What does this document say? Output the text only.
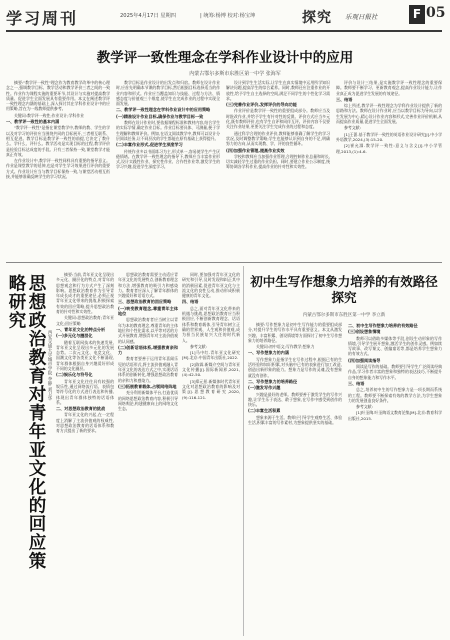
学习周刊	2025年4月17日 星期四	| 统筹:杨博 校对:杨宝坤	探究 乐观日报社	F 05
教学评一致性理念在学科作业设计中的应用
内蒙古鄂尔多斯市东胜区第一中学 张海军

摘要:"教学评一致性"理念作为教育教学改革中的核心理念之一,强调教学目标、教学活动和教学评价三者之间的一致性。作业作为课程实施的重要环节,其设计与实施对提高教学质量、促进学生全面发展具有重要作用。本文在阐述教学评一致性理念内涵的基础上,深入探讨其在学科作业设计中的应用策略,旨在为一线教师提供参考。

关键词:教学评一致性;作业设计;学科作业

一、教学评一致性的基本内涵

"教学评一致性"是指在课堂教学中,教师的教、学生的学以及对学习的评价应当围绕共同的目标展开,三者相互联系、相互促进。教学目标是教学评一致性的前提,它决定了教什么、学什么、评什么。教学活动是实现目标的过程,教学评价是检验目标达成度的手段。只有三者保持一致,课堂教学才能真正有效。

在作业设计中,教学评一致性同样具有重要的指导意义。作业是课堂教学的延伸,也是对学生学习效果进行评价的重要方式。作业设计应当与教学目标保持一致,与课堂活动相互衔接,并能够准确反映学生的学习状况。

教学目标是作业设计的出发点和归宿。教师在设计作业时,应首先明确本节课的教学目标,然后根据目标选择适当的作业内容和形式。作业应当覆盖知识与技能、过程与方法、情感态度与价值观三个维度,使学生在完成作业的过程中实现全面发展。

二、教学评一致性理念在学科作业设计中的应用策略

(一)精准设计作业目标,确保作业与教学目标一致

教师在设计作业时,要依据课程标准和教材内容,结合学生的实际学情,确定作业目标。作业目标要具体、可测量,便于学生理解和教师评价。例如,在语文阅读教学中,教师可以设计分层阅读任务,让不同层次的学生都能在原有基础上获得提升。

(二)丰富作业形式,促进学生深度学习

传统作业多以书面练习为主,形式单一,容易使学生产生厌倦情绪。在教学评一致性理念的指导下,教师应当丰富作业形式,设计实践性作业、探究性作业、合作性作业等,激发学生的学习兴趣,促进学生深度学习。

设计到学生生活实际,让学生在真实情境中运用所学知识解决问题,提高学生的综合素养。同时,教师还应注重作业的开放性,给予学生自主选择的空间,满足不同学生的个性化学习需求。

(三)完善作业评价,发挥评价的导向功能

作业评价是教学评一致性的重要组成部分。教师应当及时批改作业,并给予学生有针对性的反馈。评价方式应当多元化,既有教师评价,也有学生自评和同伴互评。评价内容不仅要关注作业结果,更要关注学生完成作业的过程和态度。

通过科学合理的作业评价,教师能够准确了解学生的学习状况,及时调整教学策略;学生也能够认识到自身的不足,明确努力的方向,从而实现教、学、评的良性循环。

(四)加强作业管理,提高作业实效

学校和教师应当加强作业管理,合理控制作业总量和时长,切实减轻学生过重的作业负担。同时,要建立作业公示制度,统筹协调各学科作业,提高作业的针对性和实效性。

评价与设计三结果,是实施教学评一致性理念的重要保障。教师要不断学习、更新教育观念,提高作业设计能力,让作业真正成为促进学生发展的有效途径。

三、结语

综上所述,教学评一致性理念为学科作业设计提供了新的思路和方法。教师在设计作业时,应当以教学目标为导向,以学生发展为中心,精心设计作业内容和形式,完善作业评价机制,从而提高作业质量,促进学生全面发展。

参考文献:

[1]王蔷.基于教学评一致性的英语作业设计研究[J].中小学外语教学,2024,(3):15-20.

[2]崔允漷.教学评一致性:意义与含义[J].中小学管理,2013,(1):4-6.

思想政治教育对青年亚文化的回应策略研究
西安交通大学城市学院 李静 刘卫华

摘要:当前,青年亚文化呈现出多元化、圈层化的特点,对青年的思想观念和行为方式产生了深刻影响。思想政治教育作为引导青年成长成才的重要途径,必须正视青年亚文化带来的挑战,积极探索有效的回应策略,提升思想政治教育的针对性和实效性。

关键词:思想政治教育;青年亚文化;回应策略

一、青年亚文化的特点分析

(一)多元化与圈层化

随着互联网技术的快速发展,青年亚文化呈现出多元化的发展态势。二次元文化、电竞文化、国潮文化等各类亚文化不断涌现,青年群体根据自身兴趣爱好形成不同的文化圈层。

(二)娱乐化与符号化

青年亚文化往往具有较强的娱乐性,通过网络流行语、表情包等符号化的方式进行表达和传播,体现出青年群体独特的话语体系。

二、对思想政治教育的挑战

青年亚文化的兴起,在一定程度上消解了主流价值观的权威性,对思想政治教育的话语体系和教育方式提出了新的要求。

思想政治教育需要主动适应青年亚文化的发展特点,创新教育理念和方法,增强教育的吸引力和感染力。教育者应深入了解青年群体的兴趣爱好和话语方式。

三、思想政治教育的回应策略

(一)转变教育理念,尊重青年主体地位

思想政治教育者应当树立以青年为本的教育理念,尊重青年的主体地位和个性化需求,以平等对话的方式开展教育,增强青年对主流价值观的认同感。

(二)创新话语体系,增强教育亲和力

教育者要善于运用青年喜闻乐见的话语形式,将主流价值观融入青年亚文化的表达方式之中,实现话语体系的创新转化,增强思想政治教育的亲和力和感染力。

(三)拓展教育载体,占领网络阵地

充分利用新媒体平台,打造优质的网络思想政治教育内容,积极引导网络舆论,构建健康向上的网络文化生态。

同时,要加强对青年亚文化的研究和引导,及时发现和纠正其中的消极因素,促进青年亚文化与主流文化的良性互动,推动形成积极健康的青年文化。

四、结语

总之,面对青年亚文化带来的机遇与挑战,思想政治教育应当积极回应,不断创新教育理念、话语体系和教育载体,引导青年树立正确的世界观、人生观和价值观,成为担当民族复兴大任的时代新人。

参考文献:

[1]马中红.青年亚文化研究[M].北京:中国青年出版社,2022.

[2]陈霖.新媒介空间与青年亚文化传播[J].国际新闻界,2021,(4):42-50.

[3]郑元景.新媒体时代青年亚文化对思想政治教育的影响及对策[J].思想教育研究,2020,(9):116-121.

初中生写作想象力培养的有效路径探究
内蒙古鄂尔多斯市东胜区第一中学 李立新

摘要:写作想象力是初中生写作能力的重要组成部分,对提升学生的写作水平具有重要意义。本文从激发兴趣、丰富积累、创设情境等方面探讨了初中生写作想象力的培养路径。

关键词:初中语文;写作教学;想象力

一、写作想象力的内涵

写作想象力是指学生在写作过程中,根据已有的生活经验和知识积累,对头脑中已有的表象进行加工改造,创造出新形象的能力。想象力是写作的灵魂,没有想象就没有创作。

二、写作想象力的培养路径

(一)激发写作兴趣

兴趣是最好的老师。教师要善于激发学生的写作兴趣,让学生乐于表达、敢于想象,在写作中感受到创作的快乐。

(二)丰富生活积累

想象来源于生活。教师应引导学生观察生活、体验生活,积累丰富的写作素材,为想象提供坚实的基础。

二、初中生写作想象力培养的有效路径

(三)创设想象情境

教师可以借助多媒体等手段,创设生动形象的写作情境,引导学生展开想象,激活学生的创作灵感。例如续写故事、改写课文、创编童话等,都是培养学生想象力的有效方式。

(四)加强阅读指导

阅读是写作的基础。教师要引导学生广泛阅读经典作品,学习作者丰富的想象和独特的表达技巧,不断提升自身的想象能力和写作水平。

三、结语

总之,培养初中生的写作想象力是一项长期而系统的工程。教师要不断探索有效的教学方法,为学生想象力的发展创造良好条件。

参考文献:

[1]叶圣陶.叶圣陶语文教育论集[M].北京:教育科学出版社,2015.
